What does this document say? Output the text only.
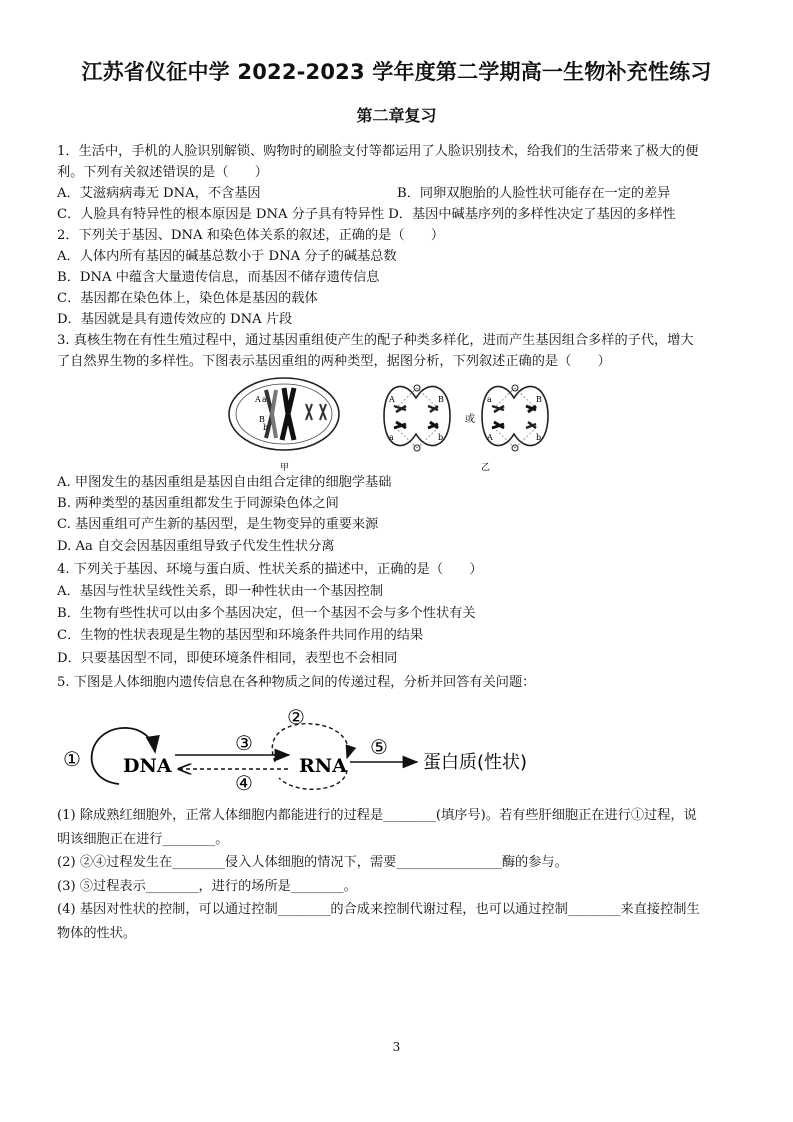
江苏省仪征中学 2022-2023 学年度第二学期高一生物补充性练习
第二章复习
1．生活中，手机的人脸识别解锁、购物时的刷脸支付等都运用了人脸识别技术，给我们的生活带来了极大的便
利。下列有关叙述错误的是（　　）
A．艾滋病病毒无 DNA，不含基因	B．同卵双胞胎的人脸性状可能存在一定的差异
C．人脸具有特异性的根本原因是 DNA 分子具有特异性 D．基因中碱基序列的多样性决定了基因的多样性
2．下列关于基因、DNA 和染色体关系的叙述，正确的是（　　）
A．人体内所有基因的碱基总数小于 DNA 分子的碱基总数
B．DNA 中蕴含大量遗传信息，而基因不储存遗传信息
C．基因都在染色体上，染色体是基因的载体
D．基因就是具有遗传效应的 DNA 片段
3. 真核生物在有性生殖过程中，通过基因重组使产生的配子种类多样化，进而产生基因组合多样的子代，增大
了自然界生物的多样性。下图表示基因重组的两种类型，据图分析，下列叙述正确的是（　　）
A a
B
b
甲
A
a
B
b
或
a
A
B
b
乙
A. 甲图发生的基因重组是基因自由组合定律的细胞学基础
B. 两种类型的基因重组都发生于同源染色体之间
C. 基因重组可产生新的基因型，是生物变异的重要来源
D. Aa 自交会因基因重组导致子代发生性状分离
4. 下列关于基因、环境与蛋白质、性状关系的描述中，正确的是（　　）
A．基因与性状呈线性关系，即一种性状由一个基因控制
B．生物有些性状可以由多个基因决定，但一个基因不会与多个性状有关
C．生物的性状表现是生物的基因型和环境条件共同作用的结果
D．只要基因型不同，即使环境条件相同，表型也不会相同
5. 下图是人体细胞内遗传信息在各种物质之间的传递过程，分析并回答有关问题：
① DNA
③
④
②
RNA
⑤
蛋白质(性状)
(1) 除成熟红细胞外，正常人体细胞内都能进行的过程是________(填序号)。若有些肝细胞正在进行①过程，说
明该细胞正在进行________。
(2) ②④过程发生在________侵入人体细胞的情况下，需要________________酶的参与。
(3) ⑤过程表示________，进行的场所是________。
(4) 基因对性状的控制，可以通过控制________的合成来控制代谢过程，也可以通过控制________来直接控制生
物体的性状。
3
